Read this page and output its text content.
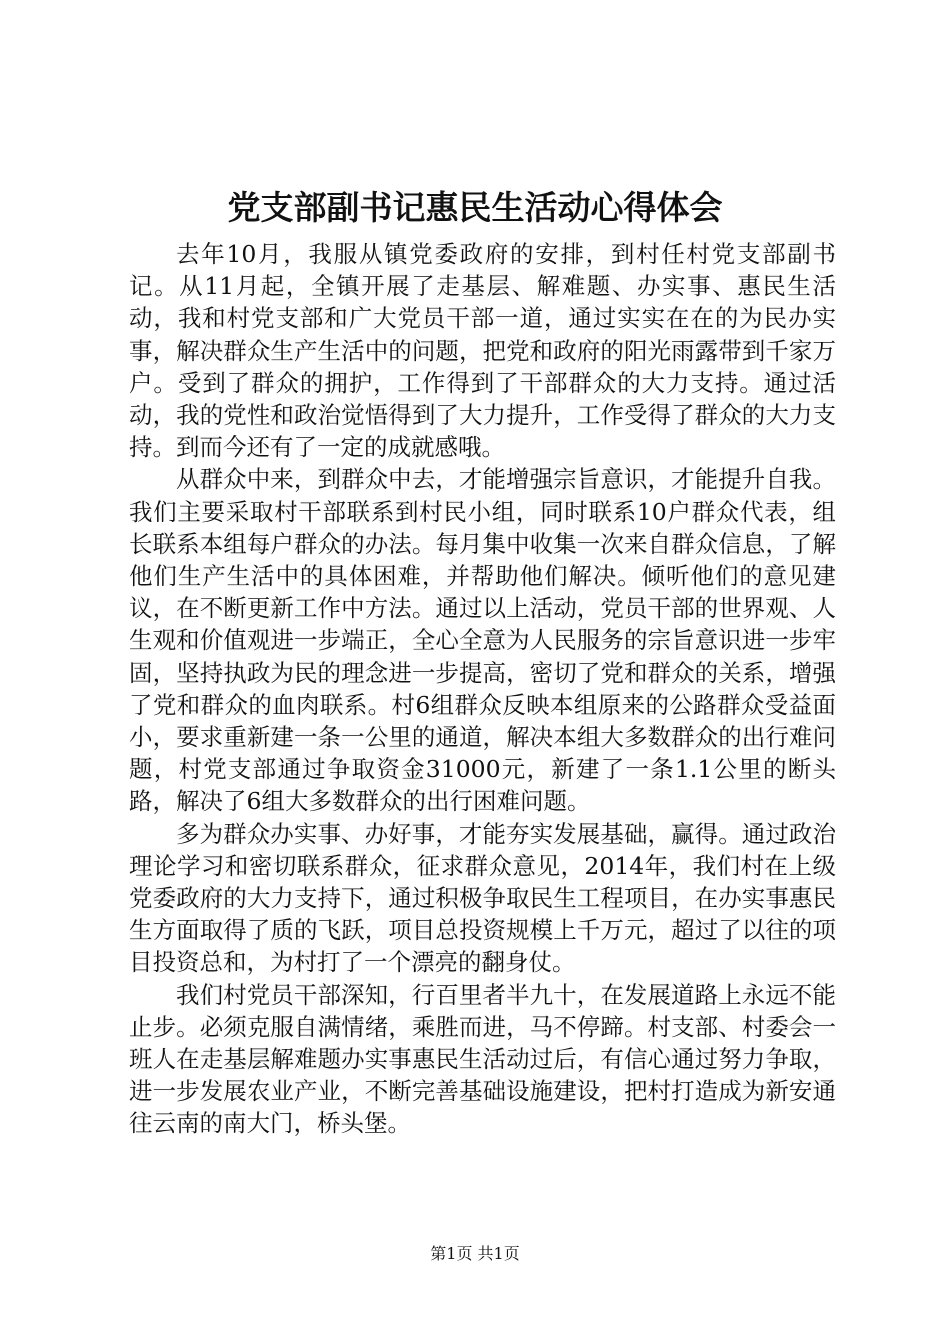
党支部副书记惠民生活动心得体会

去年10月，我服从镇党委政府的安排，到村任村党支部副书记。从11月起，全镇开展了走基层、解难题、办实事、惠民生活动，我和村党支部和广大党员干部一道，通过实实在在的为民办实事，解决群众生产生活中的问题，把党和政府的阳光雨露带到千家万户。受到了群众的拥护，工作得到了干部群众的大力支持。通过活动，我的党性和政治觉悟得到了大力提升，工作受得了群众的大力支持。到而今还有了一定的成就感哦。

从群众中来，到群众中去，才能增强宗旨意识，才能提升自我。我们主要采取村干部联系到村民小组，同时联系10户群众代表，组长联系本组每户群众的办法。每月集中收集一次来自群众信息，了解他们生产生活中的具体困难，并帮助他们解决。倾听他们的意见建议，在不断更新工作中方法。通过以上活动，党员干部的世界观、人生观和价值观进一步端正，全心全意为人民服务的宗旨意识进一步牢固，坚持执政为民的理念进一步提高，密切了党和群众的关系，增强了党和群众的血肉联系。村6组群众反映本组原来的公路群众受益面小，要求重新建一条一公里的通道，解决本组大多数群众的出行难问题，村党支部通过争取资金31000元，新建了一条1.1公里的断头路，解决了6组大多数群众的出行困难问题。

多为群众办实事、办好事，才能夯实发展基础，赢得。通过政治理论学习和密切联系群众，征求群众意见，2014年，我们村在上级党委政府的大力支持下，通过积极争取民生工程项目，在办实事惠民生方面取得了质的飞跃，项目总投资规模上千万元，超过了以往的项目投资总和，为村打了一个漂亮的翻身仗。

我们村党员干部深知，行百里者半九十，在发展道路上永远不能止步。必须克服自满情绪，乘胜而进，马不停蹄。村支部、村委会一班人在走基层解难题办实事惠民生活动过后，有信心通过努力争取，进一步发展农业产业，不断完善基础设施建设，把村打造成为新安通往云南的南大门，桥头堡。

第1页 共1页
